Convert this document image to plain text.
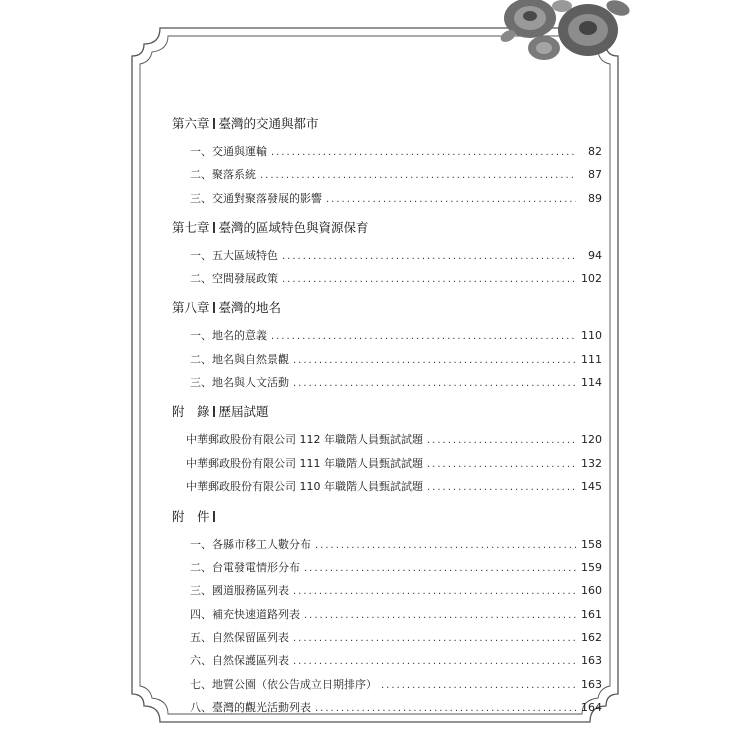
第六章 臺灣的交通與都市
一、交通與運輸 .....	82
二、聚落系統 .....	87
三、交通對聚落發展的影響 .....	89
第七章 臺灣的區域特色與資源保育
一、五大區域特色 .....	94
二、空間發展政策 .....	102
第八章 臺灣的地名
一、地名的意義 .....	110
二、地名與自然景觀 .....	111
三、地名與人文活動 .....	114
附　錄 歷屆試題
中華郵政股份有限公司 112 年職階人員甄試試題 .....	120
中華郵政股份有限公司 111 年職階人員甄試試題 .....	132
中華郵政股份有限公司 110 年職階人員甄試試題 .....	145
附　件
一、各縣市移工人數分布 .....	158
二、台電發電情形分布 .....	159
三、國道服務區列表 .....	160
四、補充快速道路列表 .....	161
五、自然保留區列表 .....	162
六、自然保護區列表 .....	163
七、地質公園（依公告成立日期排序） .....	163
八、臺灣的觀光活動列表 .....	164
